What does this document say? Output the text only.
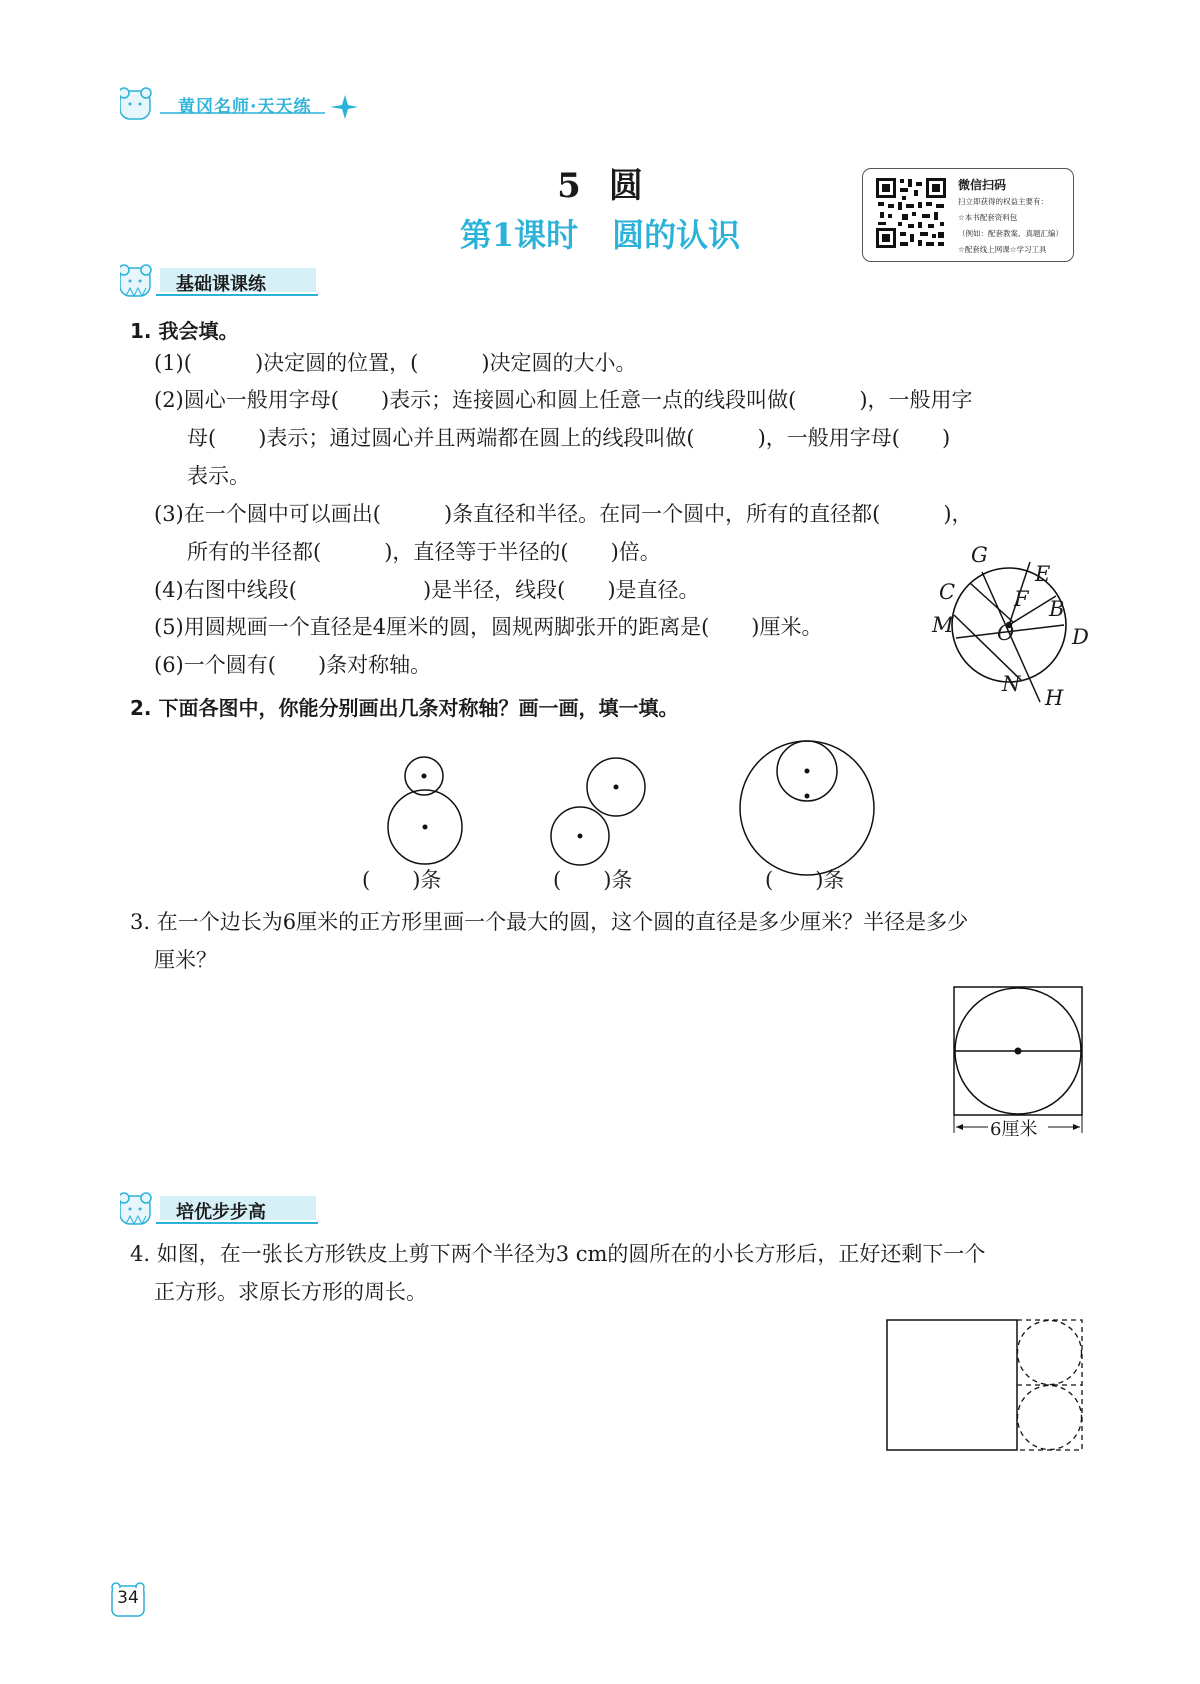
黄冈名师·天天练
5 圆
第1课时 圆的认识
微信扫码
扫立即获得的权益主要有：
☆本书配套资料包
（例如：配套教案、真题汇编）
☆配套线上网课☆学习工具
基础课课练
1. 我会填。
(1)(　　　)决定圆的位置，(　　　)决定圆的大小。
(2)圆心一般用字母(　　)表示；连接圆心和圆上任意一点的线段叫做(　　　)，一般用字
母(　　)表示；通过圆心并且两端都在圆上的线段叫做(　　　)，一般用字母(　　)
表示。
(3)在一个圆中可以画出(　　　)条直径和半径。在同一个圆中，所有的直径都(　　　)，
所有的半径都(　　　)，直径等于半径的(　　)倍。
(4)右图中线段(　　　　　　)是半径，线段(　　)是直径。
(5)用圆规画一个直径是4厘米的圆，圆规两脚张开的距离是(　　)厘米。
(6)一个圆有(　　)条对称轴。
G
E
C	F B
M O	D
N
H
2. 下面各图中，你能分别画出几条对称轴？画一画，填一填。
(　　)条	(　　)条	(　　)条
3. 在一个边长为6厘米的正方形里画一个最大的圆，这个圆的直径是多少厘米？半径是多少
厘米？
6厘米
培优步步高
4. 如图，在一张长方形铁皮上剪下两个半径为3 cm的圆所在的小长方形后，正好还剩下一个
正方形。求原长方形的周长。
34
